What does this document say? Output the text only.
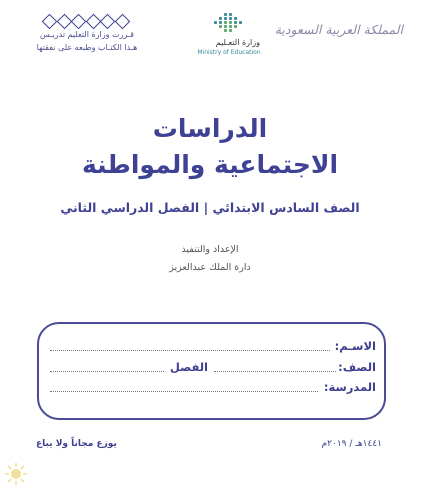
قـررت وزارة التعليم تدريـس
هـذا الكتـاب وطبعه على نفقتها
وزارة التعـليم
Ministry of Education
المملكة العربية السعودية
الدراسات
الاجتماعية والمواطنة
الصف السادس الابتدائي | الفصل الدراسي الثاني
الإعداد والتنفيذ
دارة الملك عبدالعزيز
الاسـم:
الصف:
الفصل
المدرسة:
١٤٤١هـ / ٢٠١٩م
يوزع مجاناً ولا يباع
